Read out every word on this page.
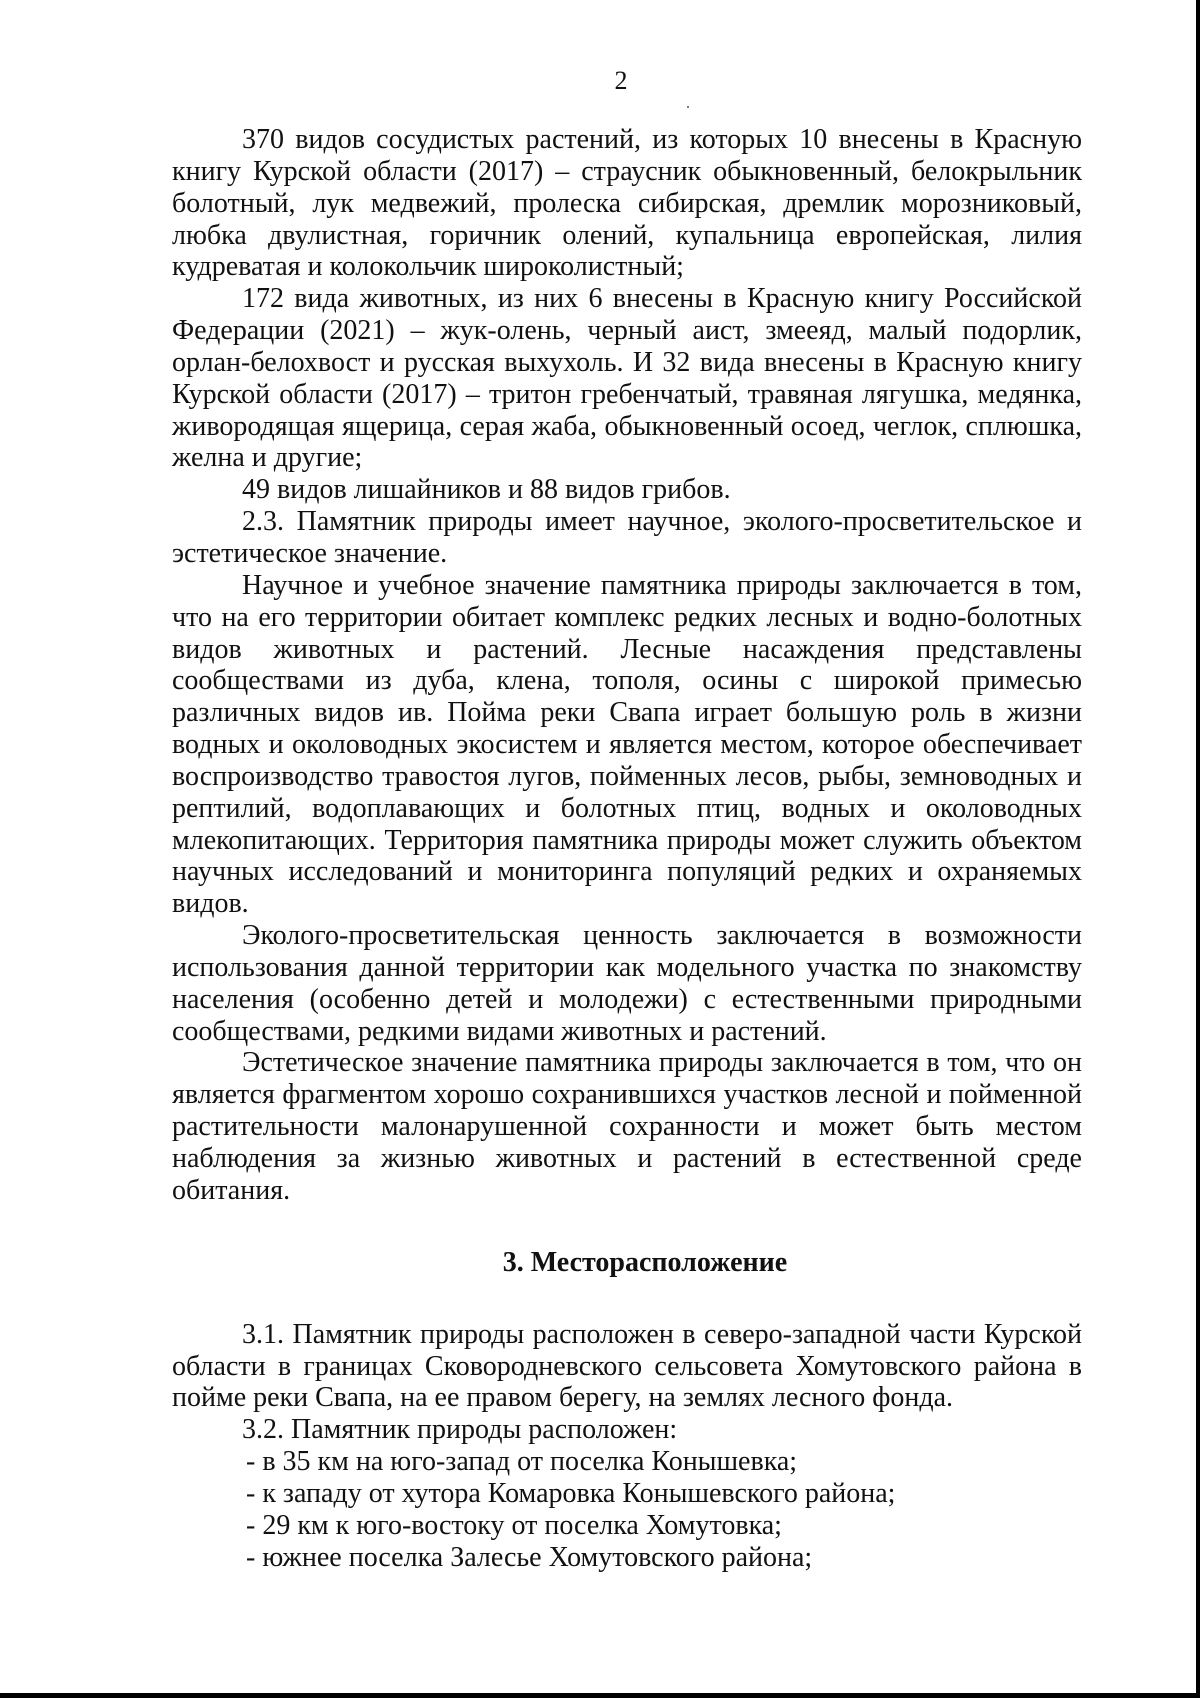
2

370 видов сосудистых растений, из которых 10 внесены в Красную книгу Курской области (2017) – страусник обыкновенный, белокрыльник болотный, лук медвежий, пролеска сибирская, дремлик морозниковый, любка двулистная, горичник олений, купальница европейская, лилия кудреватая и колокольчик широколистный;

172 вида животных, из них 6 внесены в Красную книгу Российской Федерации (2021) – жук-олень, черный аист, змееяд, малый подорлик, орлан-белохвост и русская выхухоль. И 32 вида внесены в Красную книгу Курской области (2017) – тритон гребенчатый, травяная лягушка, медянка, живородящая ящерица, серая жаба, обыкновенный осоед, чеглок, сплюшка, желна и другие;

49 видов лишайников и 88 видов грибов.

2.3. Памятник природы имеет научное, эколого-просветительское и эстетическое значение.

Научное и учебное значение памятника природы заключается в том, что на его территории обитает комплекс редких лесных и водно-болотных видов животных и растений. Лесные насаждения представлены сообществами из дуба, клена, тополя, осины с широкой примесью различных видов ив. Пойма реки Свапа играет большую роль в жизни водных и околоводных экосистем и является местом, которое обеспечивает воспроизводство травостоя лугов, пойменных лесов, рыбы, земноводных и рептилий, водоплавающих и болотных птиц, водных и околоводных млекопитающих. Территория памятника природы может служить объектом научных исследований и мониторинга популяций редких и охраняемых видов.

Эколого-просветительская ценность заключается в возможности использования данной территории как модельного участка по знакомству населения (особенно детей и молодежи) с естественными природными сообществами, редкими видами животных и растений.

Эстетическое значение памятника природы заключается в том, что он является фрагментом хорошо сохранившихся участков лесной и пойменной растительности малонарушенной сохранности и может быть местом наблюдения за жизнью животных и растений в естественной среде обитания.

3. Месторасположение

3.1. Памятник природы расположен в северо-западной части Курской области в границах Сковородневского сельсовета Хомутовского района в пойме реки Свапа, на ее правом берегу, на землях лесного фонда.

3.2. Памятник природы расположен:

- в 35 км на юго-запад от поселка Конышевка;

- к западу от хутора Комаровка Конышевского района;

- 29 км к юго-востоку от поселка Хомутовка;

- южнее поселка Залесье Хомутовского района;
